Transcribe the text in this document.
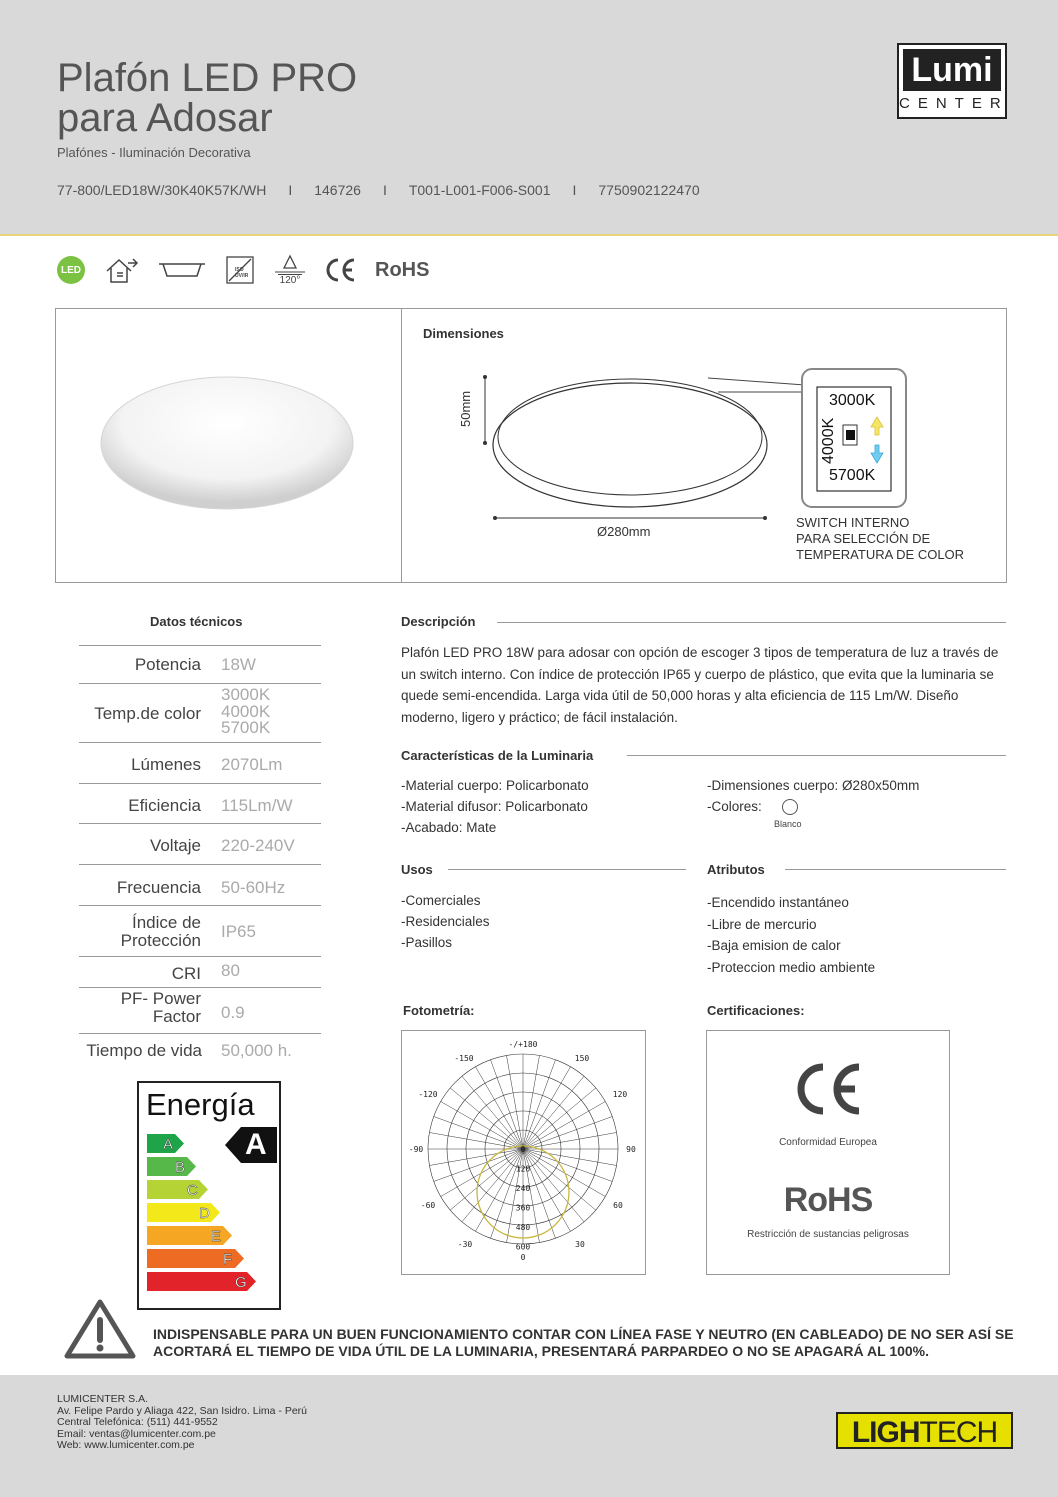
Plafón LED PRO
para Adosar
Plafónes - Iluminación Decorativa
77-800/LED18W/30K40K57K/WH I 146726 I T001-L001-F006-S001 I 7750902122470
Lumi
CENTER
LED	ISO UV/IR	120°	RoHS
Dimensiones
50mm
Ø280mm
3000K
4000K
5700K
SWITCH INTERNO
PARA SELECCIÓN DE
TEMPERATURA DE COLOR
Datos técnicos
Potencia 18W
Temp.de color
3000K
4000K
5700K
Lúmenes 2070Lm
Eficiencia 115Lm/W
Voltaje 220-240V
Frecuencia 50-60Hz
Índice de
Protección IP65
CRI 80
PF- Power
Factor 0.9
Tiempo de vida 50,000 h.
Energía
A
B
C
D
E
F
G
A
Descripción
Plafón LED PRO 18W para adosar con opción de escoger 3 tipos de temperatura de luz a través de un switch interno. Con índice de protección IP65 y cuerpo de plástico, que evita que la luminaria se quede semi-encendida. Larga vida útil de 50,000 horas y alta eficiencia de 115 Lm/W. Diseño moderno, ligero y práctico; de fácil instalación.
Características de la Luminaria
-Material cuerpo: Policarbonato
-Material difusor: Policarbonato
-Acabado: Mate
-Dimensiones cuerpo: Ø280x50mm
-Colores:
Blanco
Usos
-Comerciales
-Residenciales
-Pasillos
Atributos
-Encendido instantáneo
-Libre de mercurio
-Baja emision de calor
-Proteccion medio ambiente
Fotometría:
-/+180
-150	150
-120	120
-90	90
-60	60
-30	30
0
0
120
240
360
480
600
Certificaciones:
Conformidad Europea
RoHS
Restricción de sustancias peligrosas
INDISPENSABLE PARA UN BUEN FUNCIONAMIENTO CONTAR CON LÍNEA FASE Y NEUTRO (EN CABLEADO) DE NO SER ASÍ SE
ACORTARÁ EL TIEMPO DE VIDA ÚTIL DE LA LUMINARIA, PRESENTARÁ PARPARDEO O NO SE APAGARÁ AL 100%.
LUMICENTER S.A.
Av. Felipe Pardo y Aliaga 422, San Isidro. Lima - Perú
Central Telefónica: (511) 441-9552
Email: ventas@lumicenter.com.pe
Web: www.lumicenter.com.pe	LIGHTECH
